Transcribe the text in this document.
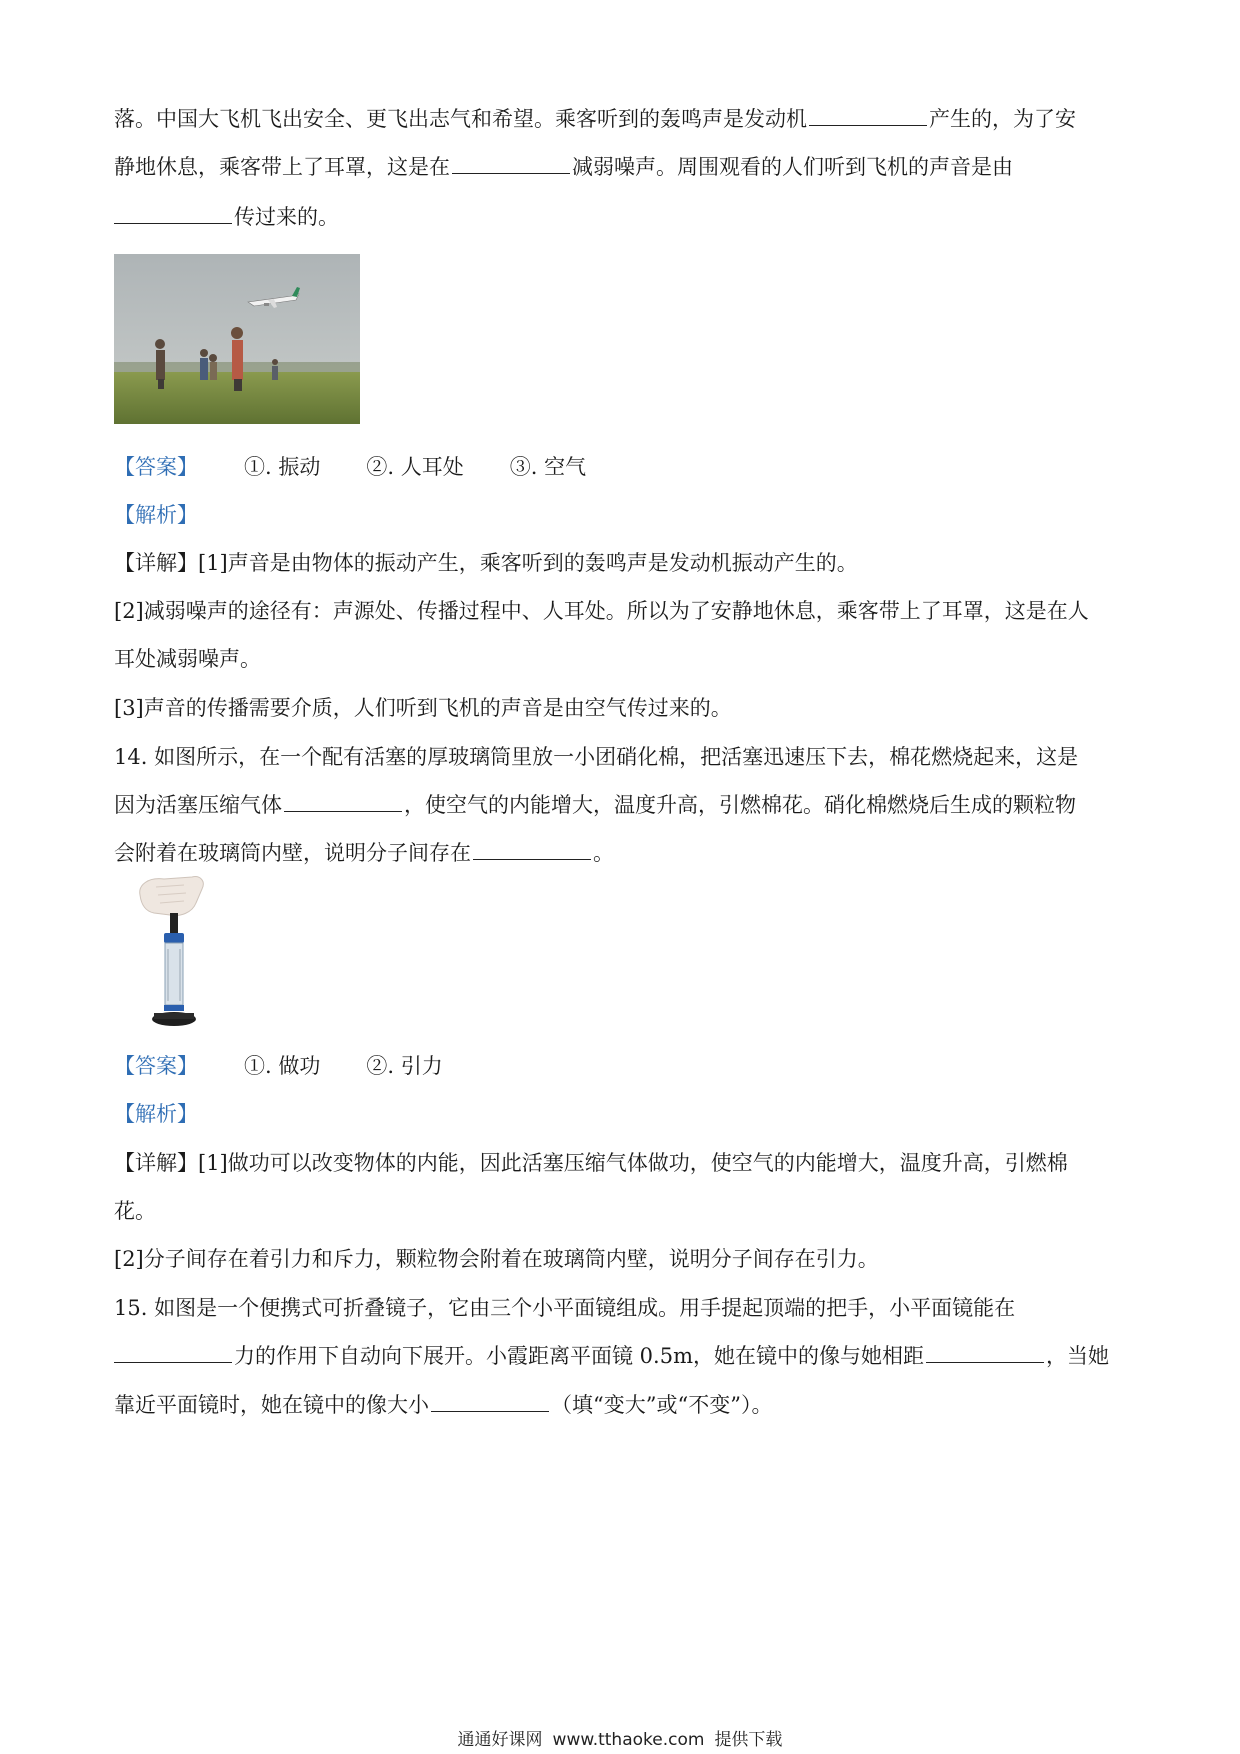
落。中国大飞机飞出安全、更飞出志气和希望。乘客听到的轰鸣声是发动机	产生的，为了安
静地休息，乘客带上了耳罩，这是在	减弱噪声。周围观看的人们听到飞机的声音是由
传过来的。
【答案】 ①. 振动 ②. 人耳处 ③. 空气
【解析】
【详解】[1]声音是由物体的振动产生，乘客听到的轰鸣声是发动机振动产生的。
[2]减弱噪声的途径有：声源处、传播过程中、人耳处。所以为了安静地休息，乘客带上了耳罩，这是在人
耳处减弱噪声。
[3]声音的传播需要介质，人们听到飞机的声音是由空气传过来的。
14. 如图所示，在一个配有活塞的厚玻璃筒里放一小团硝化棉，把活塞迅速压下去，棉花燃烧起来，这是
因为活塞压缩气体	，使空气的内能增大，温度升高，引燃棉花。硝化棉燃烧后生成的颗粒物
会附着在玻璃筒内壁，说明分子间存在	。
【答案】 ①. 做功 ②. 引力
【解析】
【详解】[1]做功可以改变物体的内能，因此活塞压缩气体做功，使空气的内能增大，温度升高，引燃棉
花。
[2]分子间存在着引力和斥力，颗粒物会附着在玻璃筒内壁，说明分子间存在引力。
15. 如图是一个便携式可折叠镜子，它由三个小平面镜组成。用手提起顶端的把手，小平面镜能在
力的作用下自动向下展开。小霞距离平面镜 0.5m，她在镜中的像与她相距	，当她
靠近平面镜时，她在镜中的像大小	（填“变大”或“不变”）。
通通好课网 www.tthaoke.com 提供下载
